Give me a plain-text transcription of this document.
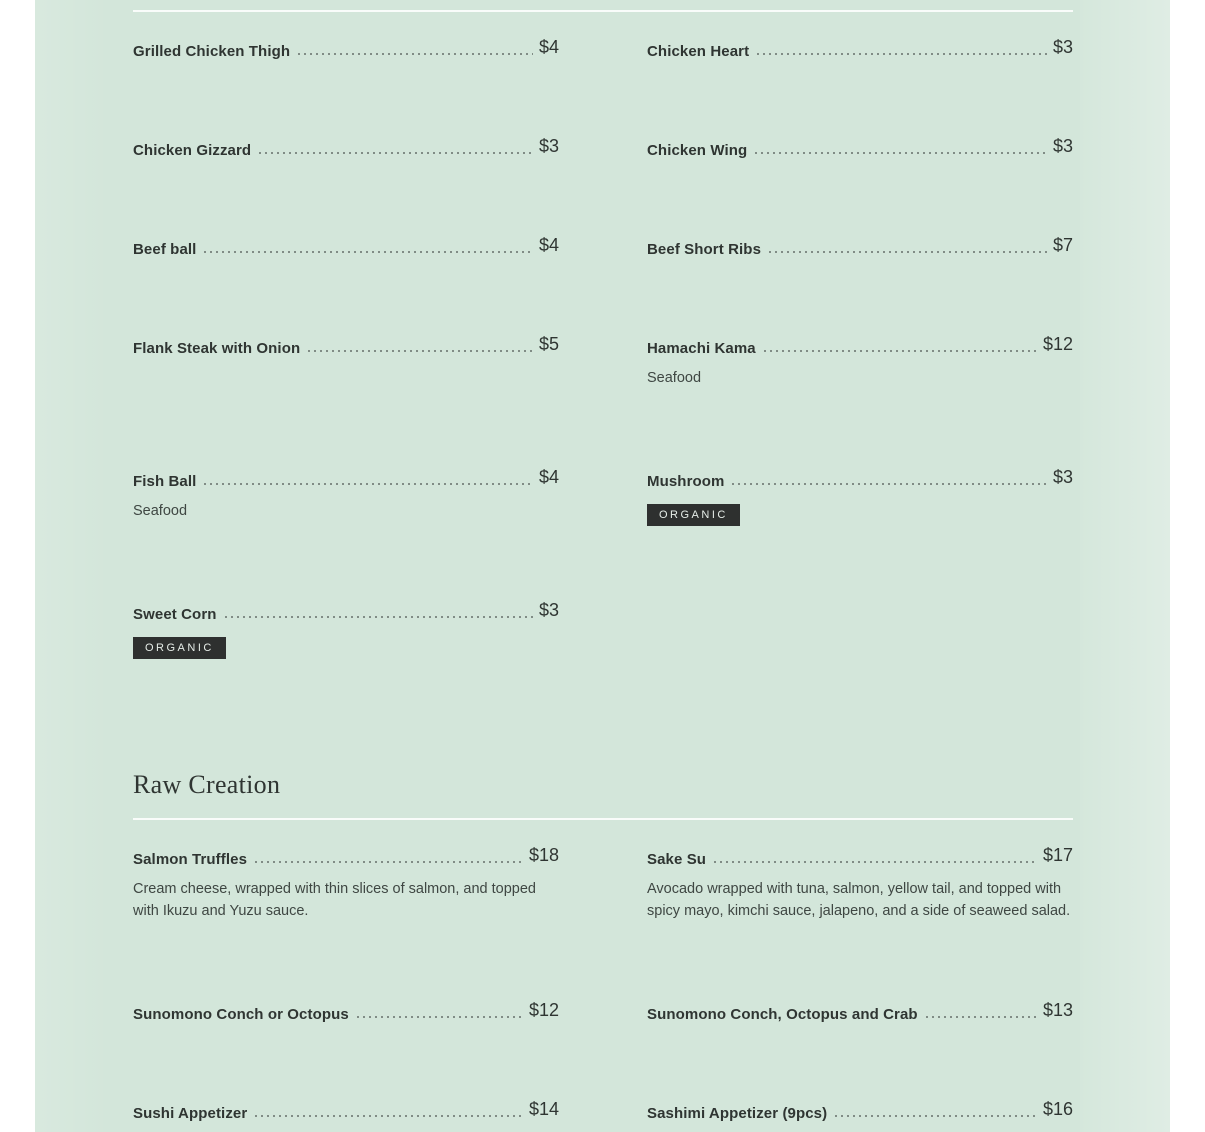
Grilled Chicken Thigh	$4	Chicken Heart	$3
Chicken Gizzard	$3	Chicken Wing	$3
Beef ball	$4	Beef Short Ribs	$7
Flank Steak with Onion	$5	Hamachi Kama	$12
Seafood
Fish Ball	$4
Seafood
Mushroom	$3
ORGANIC
Sweet Corn	$3
ORGANIC
Raw Creation
Salmon Truffles	$18
Cream cheese, wrapped with thin slices of salmon, and topped with Ikuzu and Yuzu sauce.
Sake Su	$17
Avocado wrapped with tuna, salmon, yellow tail, and topped with spicy mayo, kimchi sauce, jalapeno, and a side of seaweed salad.
Sunomono Conch or Octopus	$12	Sunomono Conch, Octopus and Crab	$13
Sushi Appetizer	$14	Sashimi Appetizer (9pcs)	$16
